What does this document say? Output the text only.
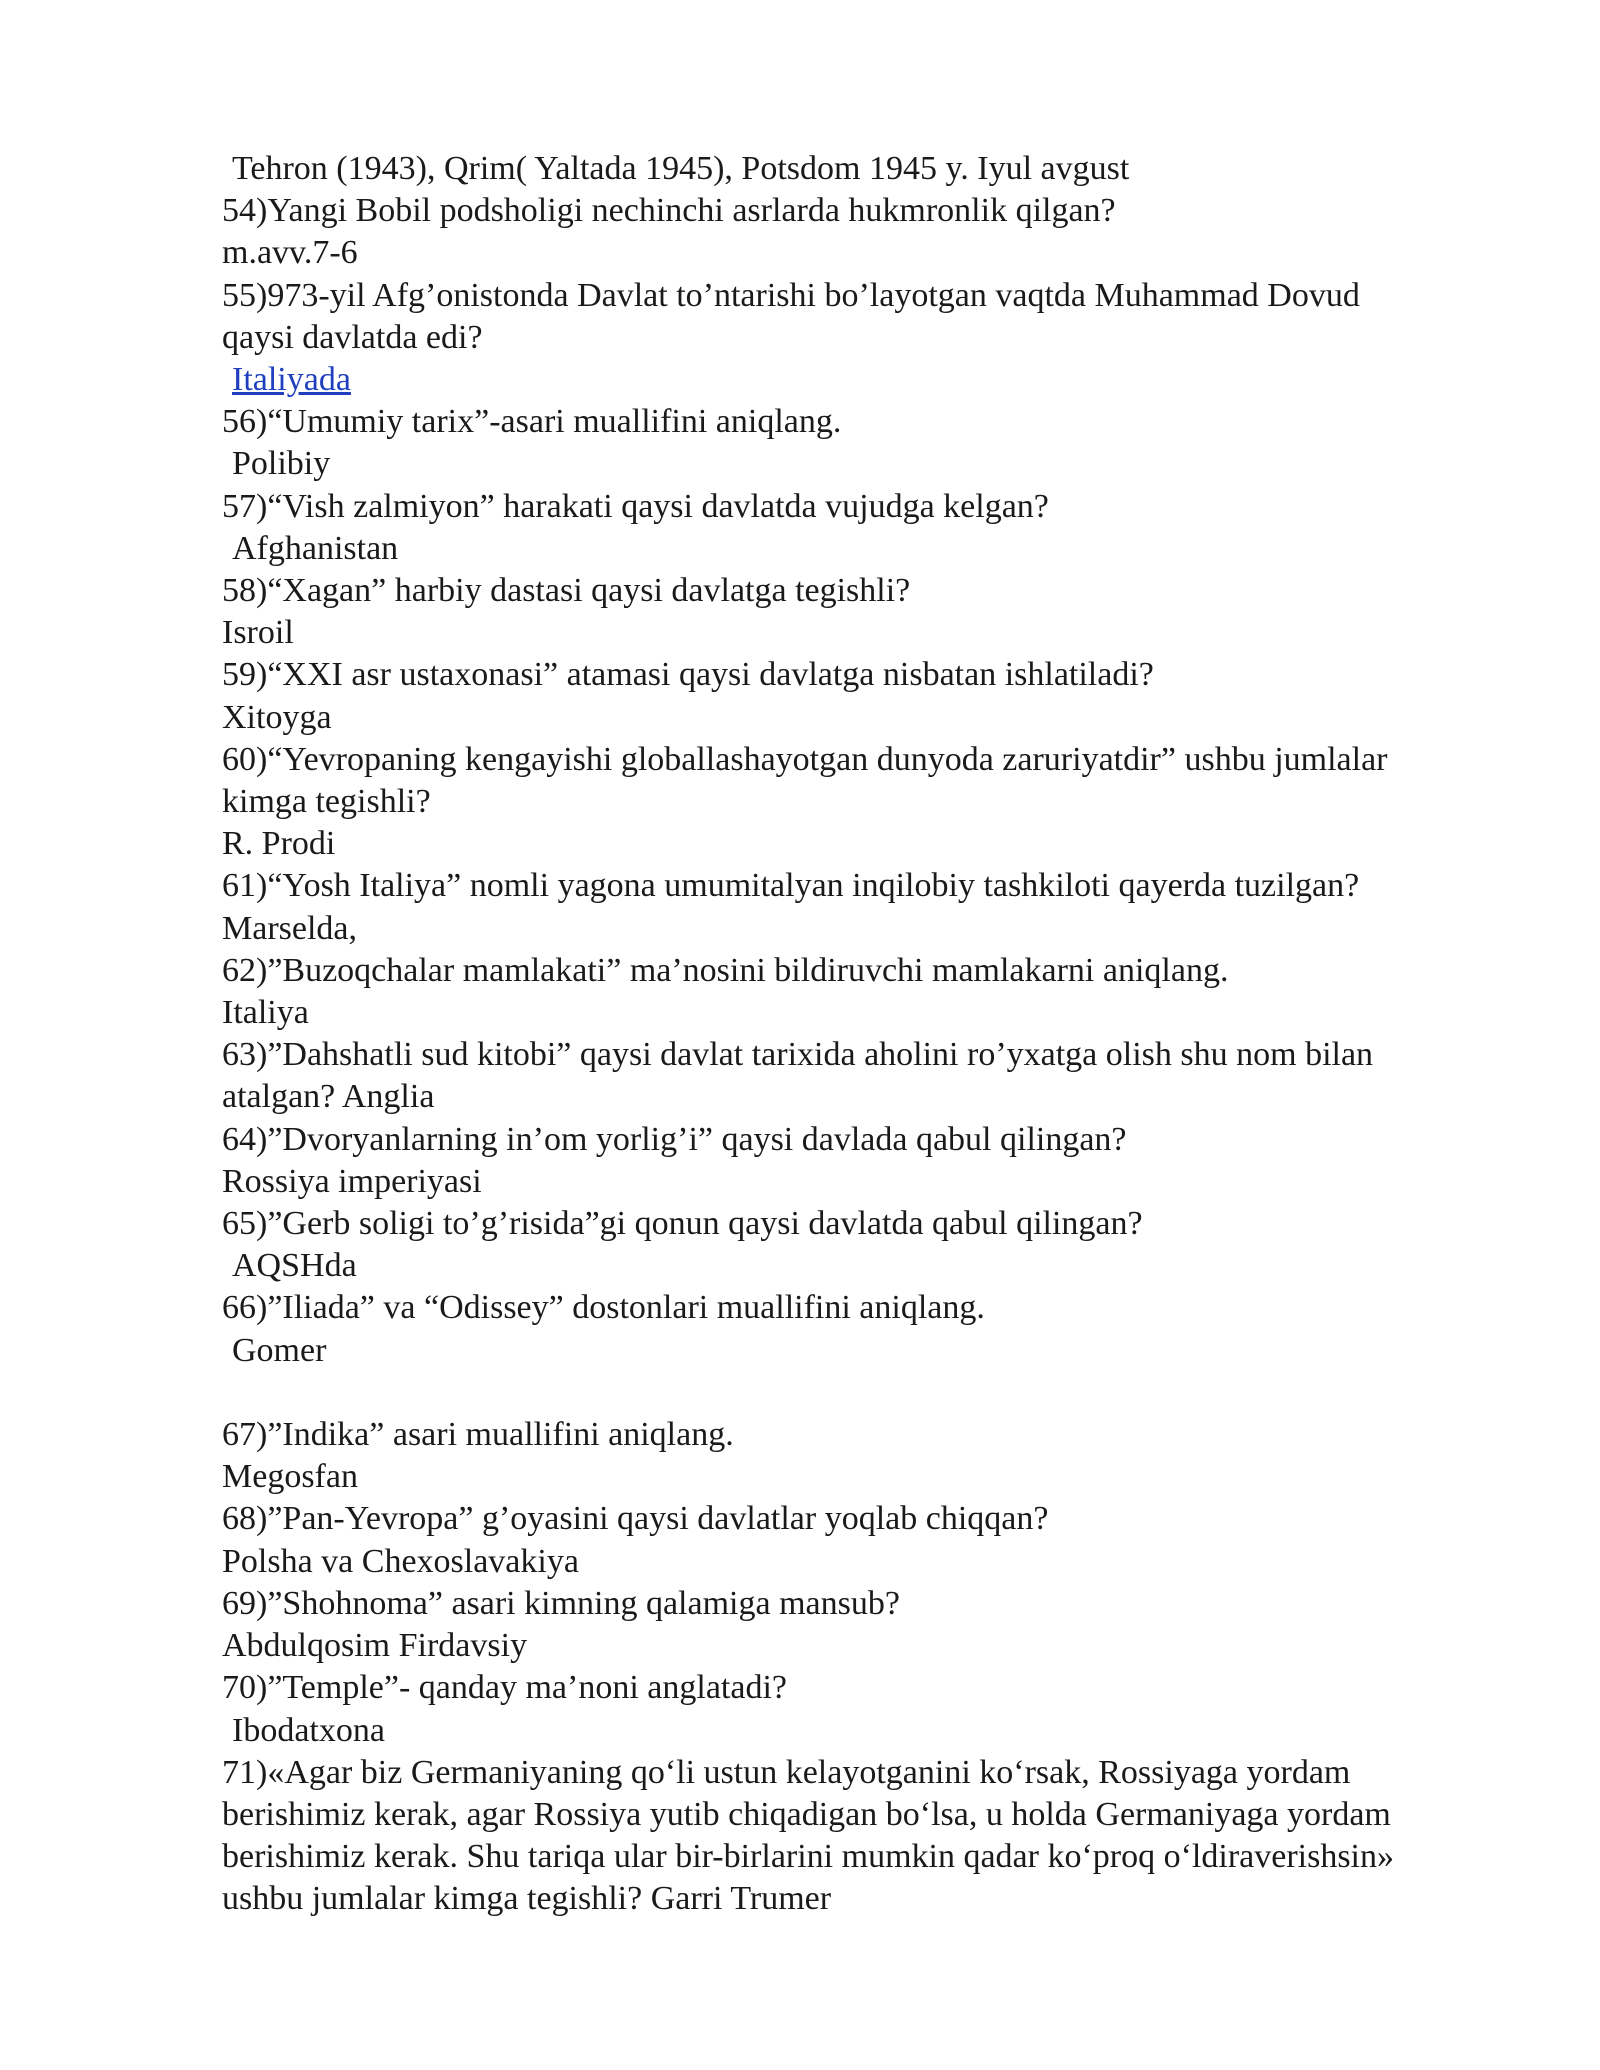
Tehron (1943), Qrim( Yaltada 1945), Potsdom 1945 y. Iyul avgust
54)Yangi Bobil podsholigi nechinchi asrlarda hukmronlik qilgan?
m.avv.7-6
55)973-yil Afg’onistonda Davlat to’ntarishi bo’layotgan vaqtda Muhammad Dovud
qaysi davlatda edi?
Italiyada
56)“Umumiy tarix”-asari muallifini aniqlang.
Polibiy
57)“Vish zalmiyon” harakati qaysi davlatda vujudga kelgan?
Afghanistan
58)“Xagan” harbiy dastasi qaysi davlatga tegishli?
Isroil
59)“XXI asr ustaxonasi” atamasi qaysi davlatga nisbatan ishlatiladi?
Xitoyga
60)“Yevropaning kengayishi globallashayotgan dunyoda zaruriyatdir” ushbu jumlalar
kimga tegishli?
R. Prodi
61)“Yosh Italiya” nomli yagona umumitalyan inqilobiy tashkiloti qayerda tuzilgan?
Marselda,
62)”Buzoqchalar mamlakati” ma’nosini bildiruvchi mamlakarni aniqlang.
Italiya
63)”Dahshatli sud kitobi” qaysi davlat tarixida aholini ro’yxatga olish shu nom bilan
atalgan? Anglia
64)”Dvoryanlarning in’om yorlig’i” qaysi davlada qabul qilingan?
Rossiya imperiyasi
65)”Gerb soligi to’g’risida”gi qonun qaysi davlatda qabul qilingan?
AQSHda
66)”Iliada” va “Odissey” dostonlari muallifini aniqlang.
Gomer
67)”Indika” asari muallifini aniqlang.
Megosfan
68)”Pan-Yevropa” g’oyasini qaysi davlatlar yoqlab chiqqan?
Polsha va Chexoslavakiya
69)”Shohnoma” asari kimning qalamiga mansub?
Abdulqosim Firdavsiy
70)”Temple”- qanday ma’noni anglatadi?
Ibodatxona
71)«Agar biz Germaniyaning qo‘li ustun kelayotganini ko‘rsak, Rossiyaga yordam
berishimiz kerak, agar Rossiya yutib chiqadigan bo‘lsa, u holda Germaniyaga yordam
berishimiz kerak. Shu tariqa ular bir-birlarini mumkin qadar ko‘proq o‘ldiraverishsin»
ushbu jumlalar kimga tegishli? Garri Trumer
